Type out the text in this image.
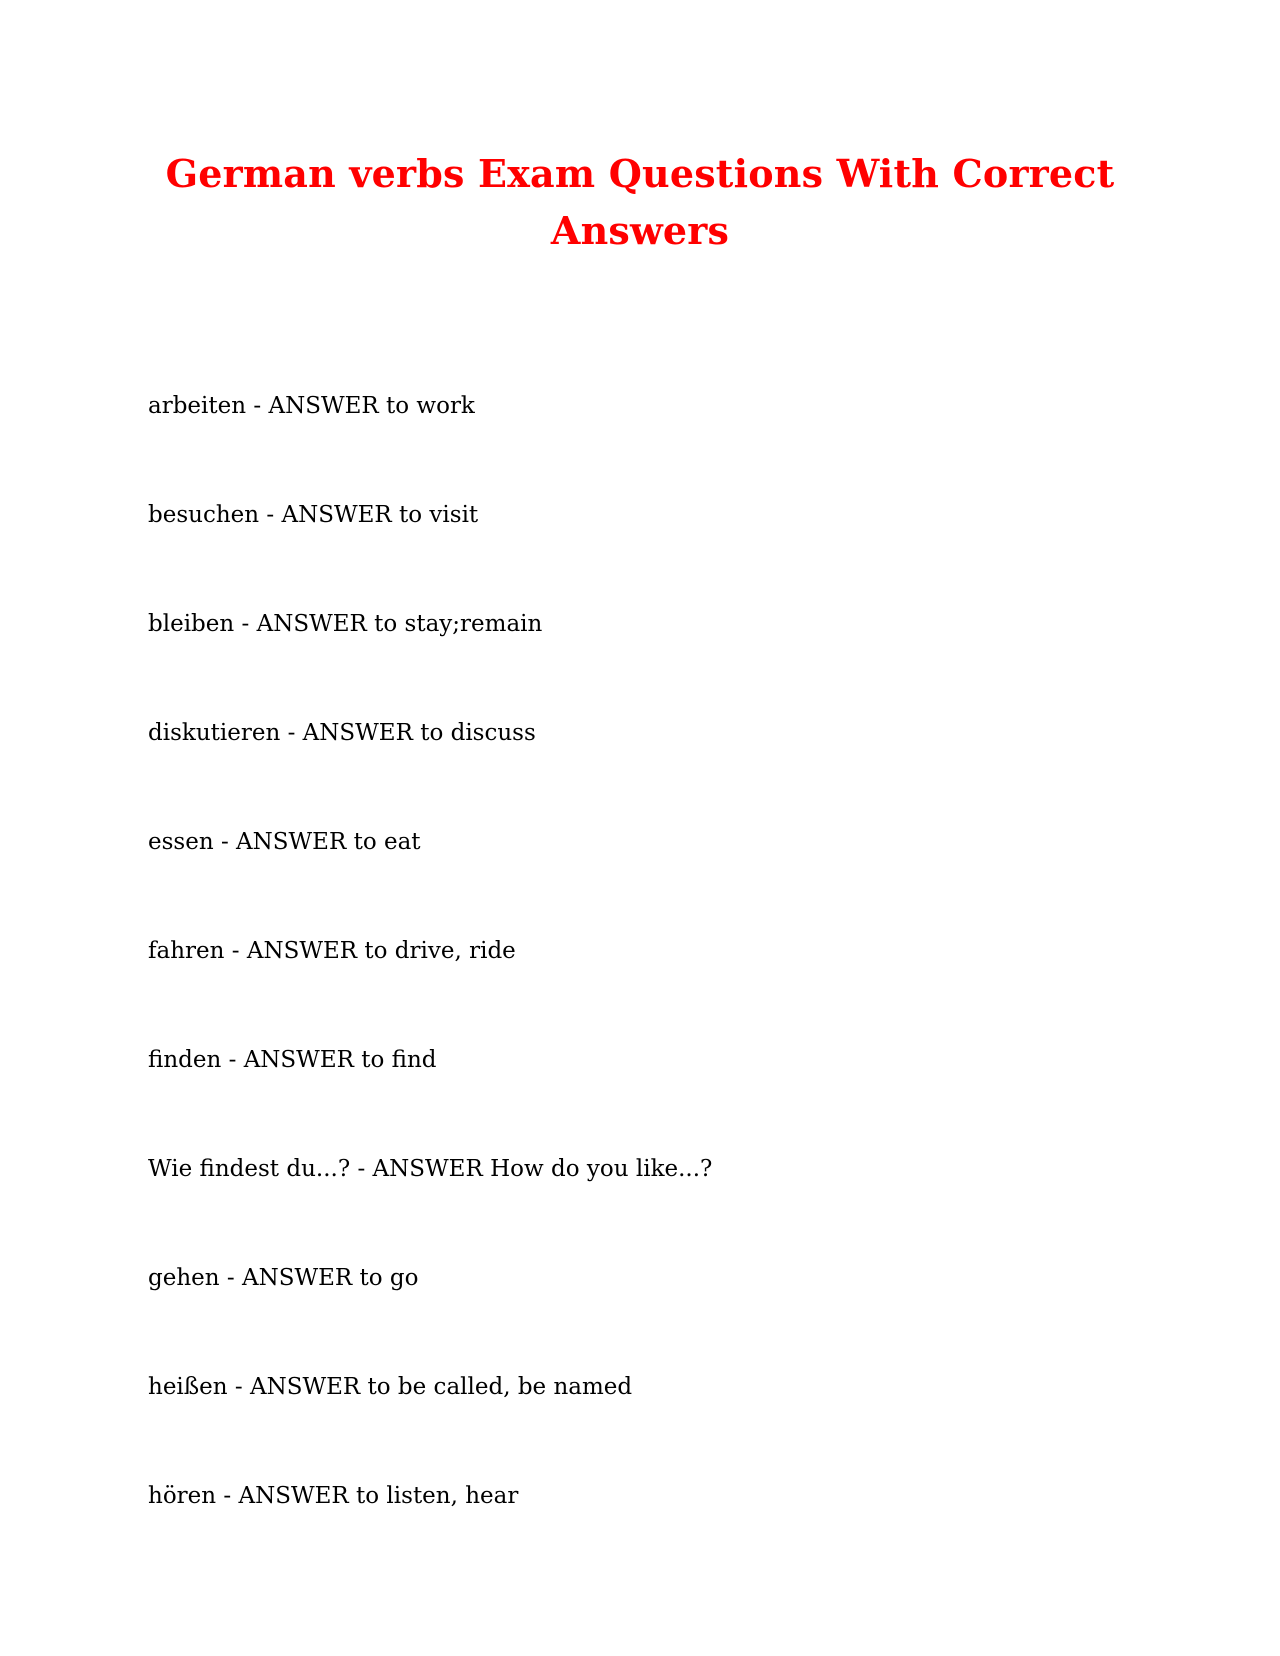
German verbs Exam Questions With Correct Answers
arbeiten - ANSWER to work
besuchen - ANSWER to visit
bleiben - ANSWER to stay;remain
diskutieren - ANSWER to discuss
essen - ANSWER to eat
fahren - ANSWER to drive, ride
finden - ANSWER to find
Wie findest du...? - ANSWER How do you like...?
gehen - ANSWER to go
heißen - ANSWER to be called, be named
hören - ANSWER to listen, hear
